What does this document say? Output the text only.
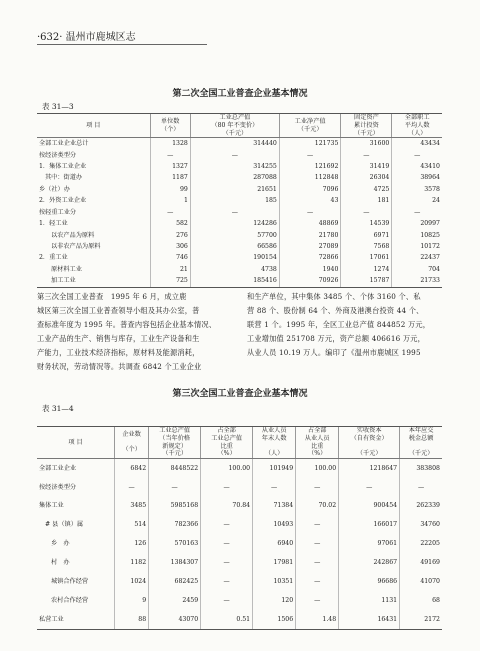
·632· 温州市鹿城区志
第二次全国工业普查企业基本情况
表 31—3
项 目	单位数
（个）	工业总产值
（80 年不变价）
（千元）	工业净产值
（千元）	固定资产
累计投资
（千元）	全部职工
平均人数
（人）
全部工业企业总计	1328	314440	121735	31600	43434
按经济类型分	—	—	—	—	—
1．集体工业企业	1327	314255	121692	31419	43410
其中：街道办	1187	287088	112848	26304	38964
乡（社）办	99	21651	7096	4725	3578
2．外资工业企业	1	185	43	181	24
按轻重工业分	—	—	—	—	—
1．轻工业	582	124286	48869	14539	20997
以农产品为原料	276	57700	21780	6971	10825
以非农产品为原料	306	66586	27089	7568	10172
2．重工业	746	190154	72866	17061	22437
原材料工业	21	4738	1940	1274	704
加工工业	725	185416	70926	15787	21733

第三次全国工业普查　1995 年 6 月，成立鹿

城区第三次全国工业普查领导小组及其办公室，普

查标准年度为 1995 年。普查内容包括企业基本情况、

工业产品的生产、销售与库存，工业生产设备和生

产能力，工业技术经济指标，原材料及能源消耗，

财务状况，劳动情况等。共调查 6842 个工业企业

和生产单位，其中集体 3485 个、个体 3160 个、私

营 88 个、股份制 64 个、外商及港澳台投资 44 个、

联营 1 个。1995 年，全区工业总产值 844852 万元，

工业增加值 251708 万元，资产总额 406616 万元，

从业人员 10.19 万人。编印了《温州市鹿城区 1995

第三次全国工业普查企业基本情况
表 31—4
项 目	企业数

（个）	工业总产值
（当年价格
新规定）
（千元）	占全部
工业总产值
比重
（%）	从业人员
年末人数

（人）	占全部
从业人员
比重
（%）	实收资本
（自有资金）

（千元）	本年应交
税金总额

（千元）
全部工业企业	6842	8448522	100.00	101949	100.00	1218647	383808
按经济类型分	—	—	—	—	—	—	—
集体工业	3485	5985168	70.84	71384	70.02	900454	262339
# 县（镇）属	514	782366	—	10493	—	166017	34760
乡　办	126	570163	—	6940	—	97061	22205
村　办	1182	1384307	—	17981	—	242867	49169
城镇合作经营	1024	682425	—	10351	—	96686	41070
农村合作经营	9	2459	—	120	—	1131	68
私营工业	88	43070	0.51	1506	1.48	16431	2172
